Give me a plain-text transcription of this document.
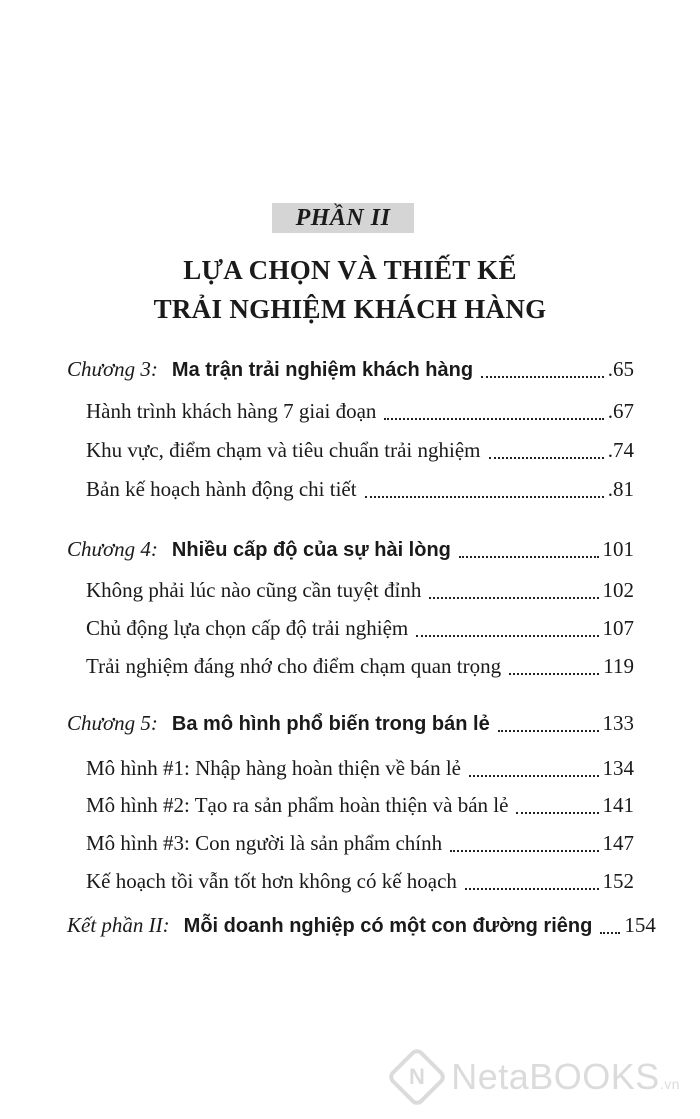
PHẦN II
LỰA CHỌN VÀ THIẾT KẾ
TRẢI NGHIỆM KHÁCH HÀNG
Chương 3: Ma trận trải nghiệm khách hàng	.65
Hành trình khách hàng 7 giai đoạn	.67
Khu vực, điểm chạm và tiêu chuẩn trải nghiệm	.74
Bản kế hoạch hành động chi tiết	.81
Chương 4: Nhiều cấp độ của sự hài lòng	101
Không phải lúc nào cũng cần tuyệt đỉnh	102
Chủ động lựa chọn cấp độ trải nghiệm	107
Trải nghiệm đáng nhớ cho điểm chạm quan trọng	119
Chương 5: Ba mô hình phổ biến trong bán lẻ	133
Mô hình #1: Nhập hàng hoàn thiện về bán lẻ	134
Mô hình #2: Tạo ra sản phẩm hoàn thiện và bán lẻ	141
Mô hình #3: Con người là sản phẩm chính	147
Kế hoạch tồi vẫn tốt hơn không có kế hoạch	152
Kết phần II: Mỗi doanh nghiệp có một con đường riêng 154
N NetaBOOKS.vn
